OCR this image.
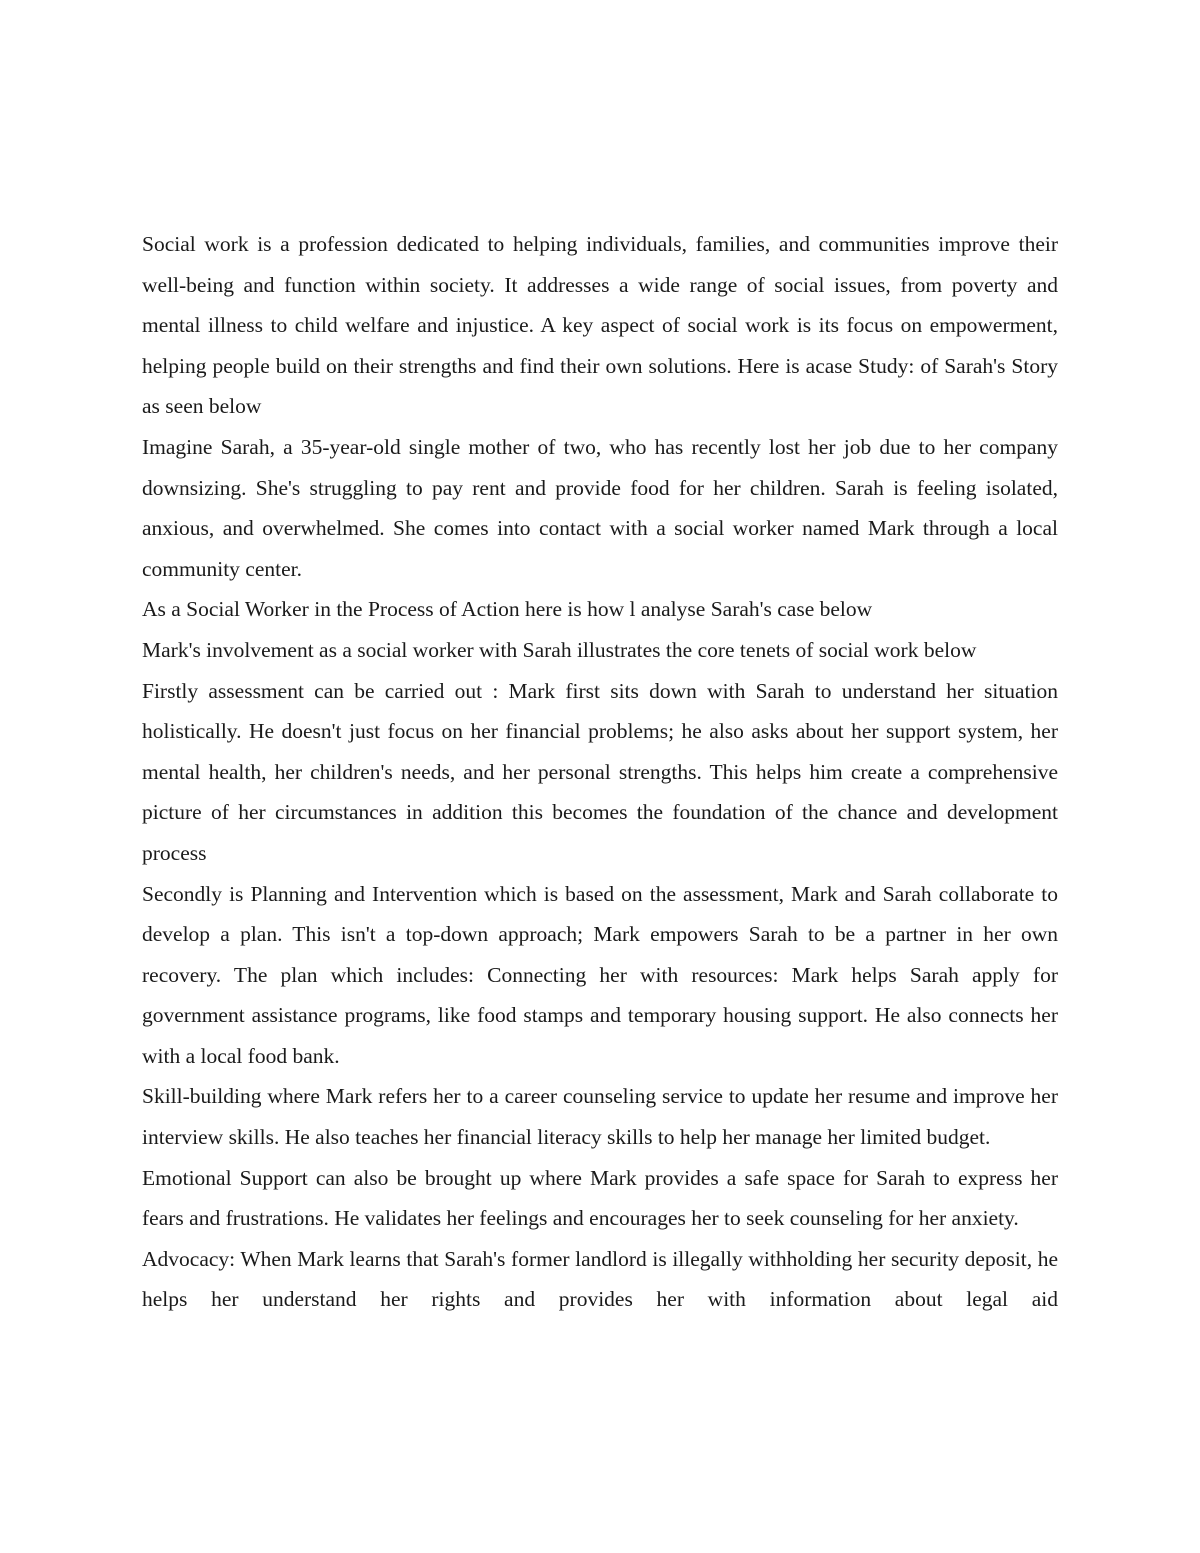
Social work is a profession dedicated to helping individuals, families, and communities improve their well-being and function within society. It addresses a wide range of social issues, from poverty and mental illness to child welfare and injustice. A key aspect of social work is its focus on empowerment, helping people build on their strengths and find their own solutions. Here is acase Study: of Sarah's Story as seen below

Imagine Sarah, a 35-year-old single mother of two, who has recently lost her job due to her company downsizing. She's struggling to pay rent and provide food for her children. Sarah is feeling isolated, anxious, and overwhelmed. She comes into contact with a social worker named Mark through a local community center.

As a Social Worker in the Process of Action here is how l analyse Sarah's case below

Mark's involvement as a social worker with Sarah illustrates the core tenets of social work below

Firstly assessment can be carried out : Mark first sits down with Sarah to understand her situation holistically. He doesn't just focus on her financial problems; he also asks about her support system, her mental health, her children's needs, and her personal strengths. This helps him create a comprehensive picture of her circumstances in addition this becomes the foundation of the chance and development process

Secondly is Planning and Intervention which is based on the assessment, Mark and Sarah collaborate to develop a plan. This isn't a top-down approach; Mark empowers Sarah to be a partner in her own recovery. The plan which includes: Connecting her with resources: Mark helps Sarah apply for government assistance programs, like food stamps and temporary housing support. He also connects her with a local food bank.

Skill-building where Mark refers her to a career counseling service to update her resume and improve her interview skills. He also teaches her financial literacy skills to help her manage her limited budget.

Emotional Support can also be brought up where Mark provides a safe space for Sarah to express her fears and frustrations. He validates her feelings and encourages her to seek counseling for her anxiety.

Advocacy: When Mark learns that Sarah's former landlord is illegally withholding her security deposit, he helps her understand her rights and provides her with information about legal aid
